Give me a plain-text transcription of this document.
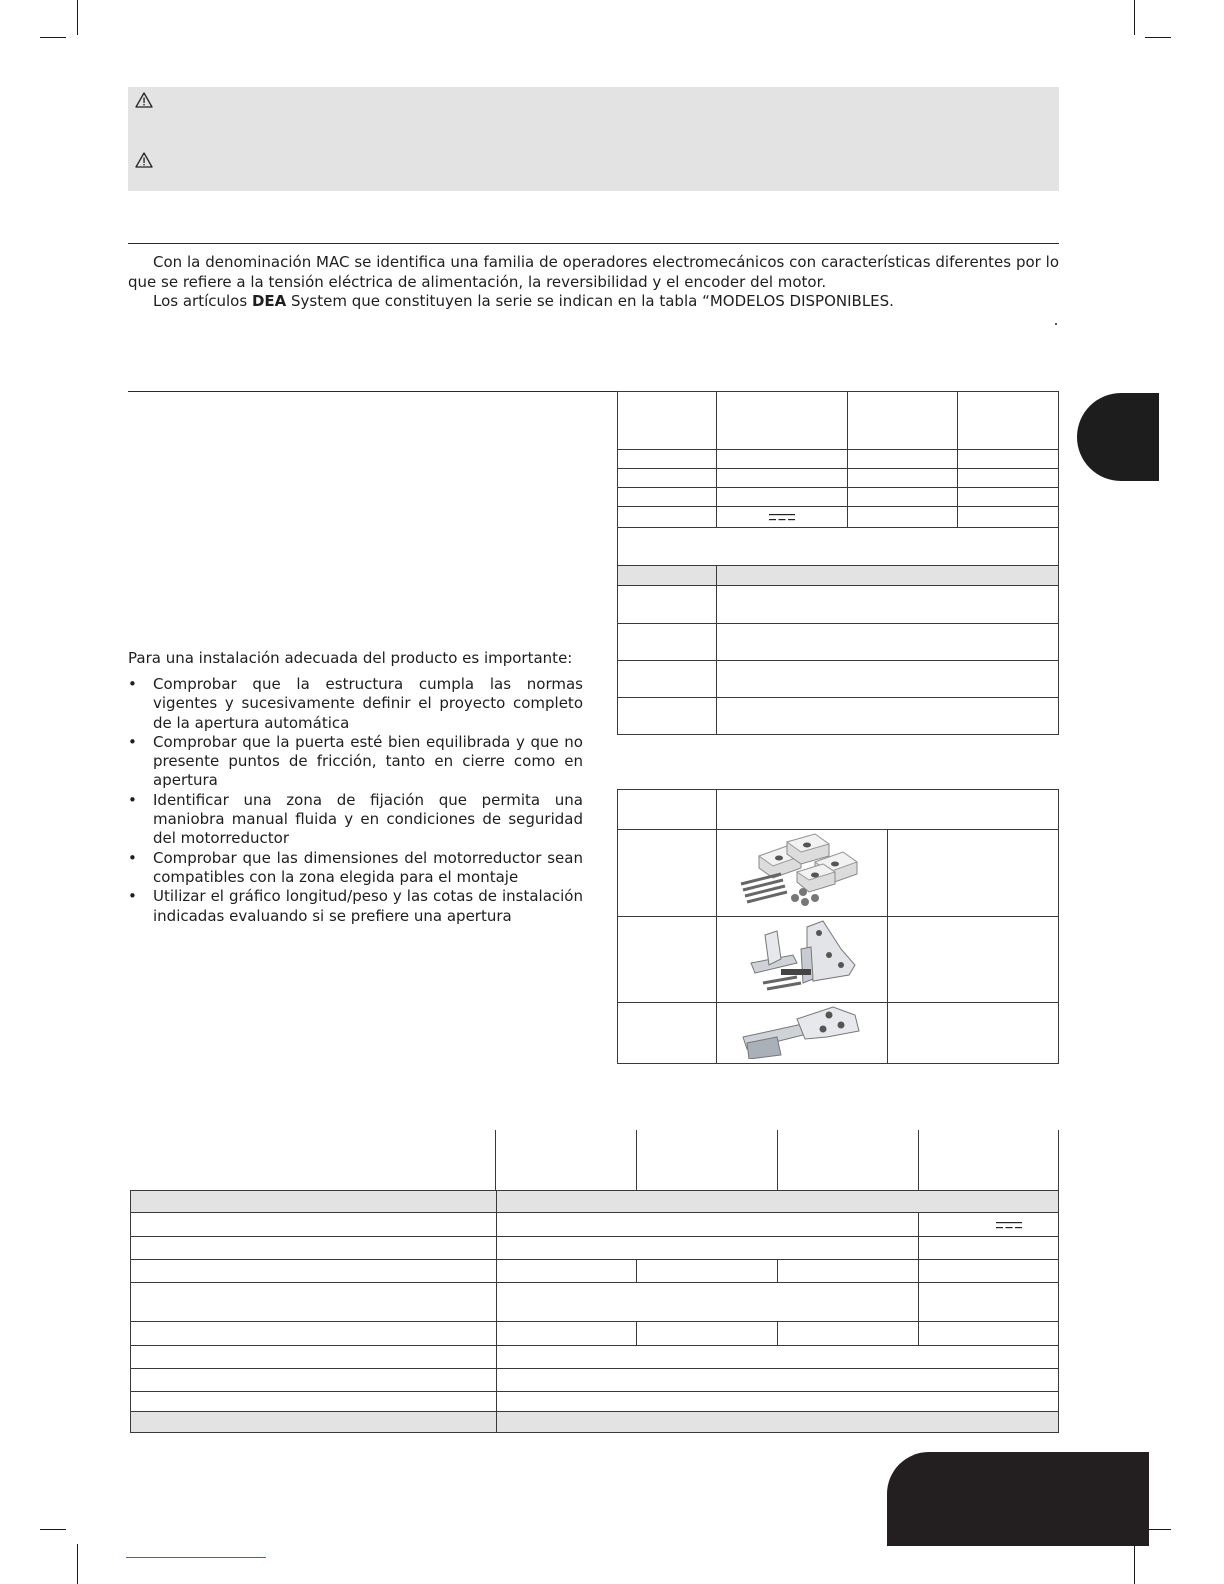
Con la denominación MAC se identifica una familia de operadores electromecánicos con características diferentes por lo que se refiere a la tensión eléctrica de alimentación, la reversibilidad y el encoder del motor.

Los artículos DEA System que constituyen la serie se indican en la tabla “MODELOS DISPONIBLES.

Para una instalación adecuada del producto es importante:

• Comprobar que la estructura cumpla las normas vigentes y sucesivamente definir el proyecto completo de la apertura automática
• Comprobar que la puerta esté bien equilibrada y que no presente puntos de fricción, tanto en cierre como en apertura
• Identificar una zona de fijación que permita una maniobra manual fluida y en condiciones de seguridad del motorreductor
• Comprobar que las dimensiones del motorreductor sean compatibles con la zona elegida para el montaje
• Utilizar el gráfico longitud/peso y las cotas de instalación indicadas evaluando si se prefiere una apertura
